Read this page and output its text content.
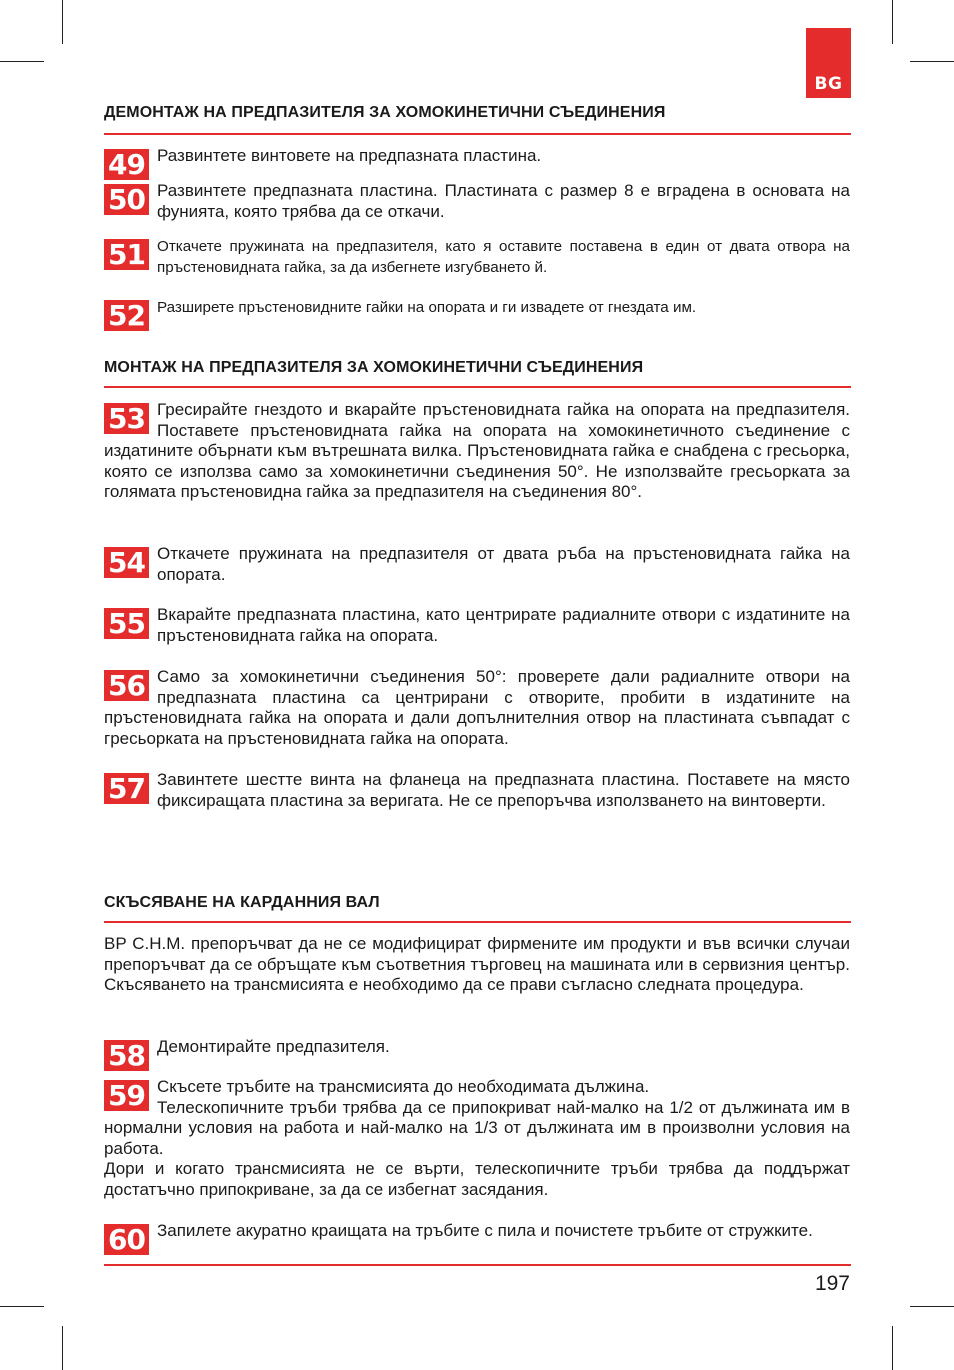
BG
ДЕМОНТАЖ НА ПРЕДПАЗИТЕЛЯ ЗА ХОМОКИНЕТИЧНИ СЪЕДИНЕНИЯ
49 Развинтете винтовете на предпазната пластина.
50 Развинтете предпазната пластина. Пластината с размер 8 е вградена в основата на фунията, която трябва да се откачи.
51 Откачете пружината на предпазителя, като я оставите поставена в един от двата отвора на пръстеновидната гайка, за да избегнете изгубването й.
52 Разширете пръстеновидните гайки на опората и ги извадете от гнездата им.
МОНТАЖ НА ПРЕДПАЗИТЕЛЯ ЗА ХОМОКИНЕТИЧНИ СЪЕДИНЕНИЯ
53 Гресирайте гнездото и вкарайте пръстеновидната гайка на опората на предпазителя. Поставете пръстеновидната гайка на опората на хомокинетичното съединение с издатините обърнати към вътрешната вилка. Пръстеновидната гайка е снабдена с гресьорка, която се използва само за хомокинетични съединения 50°. Не използвайте гресьорката за голямата пръстеновидна гайка за предпазителя на съединения 80°.
54 Откачете пружината на предпазителя от двата ръба на пръстеновидната гайка на опората.
55 Вкарайте предпазната пластина, като центрирате радиалните отвори с издатините на пръстеновидната гайка на опората.
56 Само за хомокинетични съединения 50°: проверете дали радиалните отвори на предпазната пластина са центрирани с отворите, пробити в издатините на пръстеновидната гайка на опората и дали допълнителния отвор на пластината съвпадат с гресьорката на пръстеновидната гайка на опората.
57 Завинтете шестте винта на фланеца на предпазната пластина. Поставете на място фиксиращата пластина за веригата. Не се препоръчва използването на винтоверти.
СКЪСЯВАНЕ НА КАРДАННИЯ ВАЛ
BP С.Н.М. препоръчват да не се модифицират фирмените им продукти и във всички случаи препоръчват да се обръщате към съответния търговец на машината или в сервизния център. Скъсяването на трансмисията е необходимо да се прави съгласно следната процедура.
58 Демонтирайте предпазителя.
59 Скъсете тръбите на трансмисията до необходимата дължина.
Телескопичните тръби трябва да се припокриват най-малко на 1/2 от дължината им в нормални условия на работа и най-малко на 1/3 от дължината им в произволни условия на работа.
Дори и когато трансмисията не се върти, телескопичните тръби трябва да поддържат достатъчно припокриване, за да се избегнат засядания.
60 Запилете акуратно краищата на тръбите с пила и почистете тръбите от стружките.
197
